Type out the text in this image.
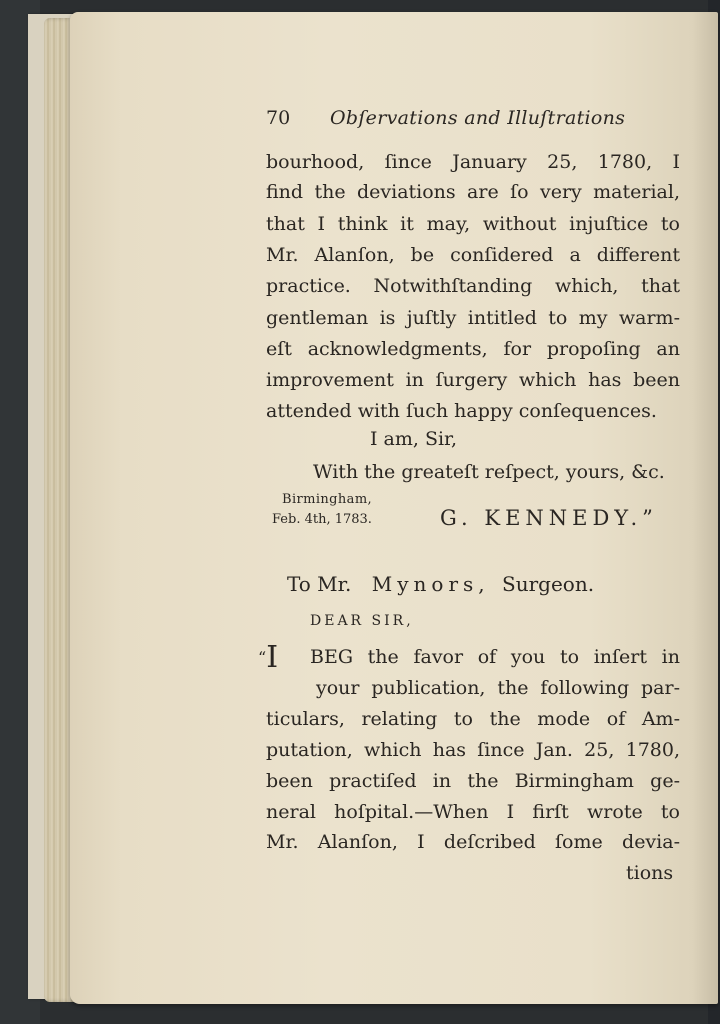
70 Obſervations and Illuſtrations
bourhood, ſince January 25, 1780, I
find the deviations are ſo very material,
that I think it may, without injuſtice to
Mr. Alanſon, be conſidered a different
practice. Notwithſtanding which, that
gentleman is juſtly intitled to my warm-
eſt acknowledgments, for propoſing an
improvement in ſurgery which has been
attended with ſuch happy conſequences.
I am, Sir,
With the greateſt reſpect, yours, &c.
Birmingham,
Feb. 4th, 1783.	G. KENNEDY.”
To Mr. Mynors, Surgeon.
DEAR SIR,
“I BEG the favor of you to inſert in
your publication, the following par-
ticulars, relating to the mode of Am-
putation, which has ſince Jan. 25, 1780,
been practiſed in the Birmingham ge-
neral hoſpital.—When I firſt wrote to
Mr. Alanſon, I deſcribed ſome devia-
tions
